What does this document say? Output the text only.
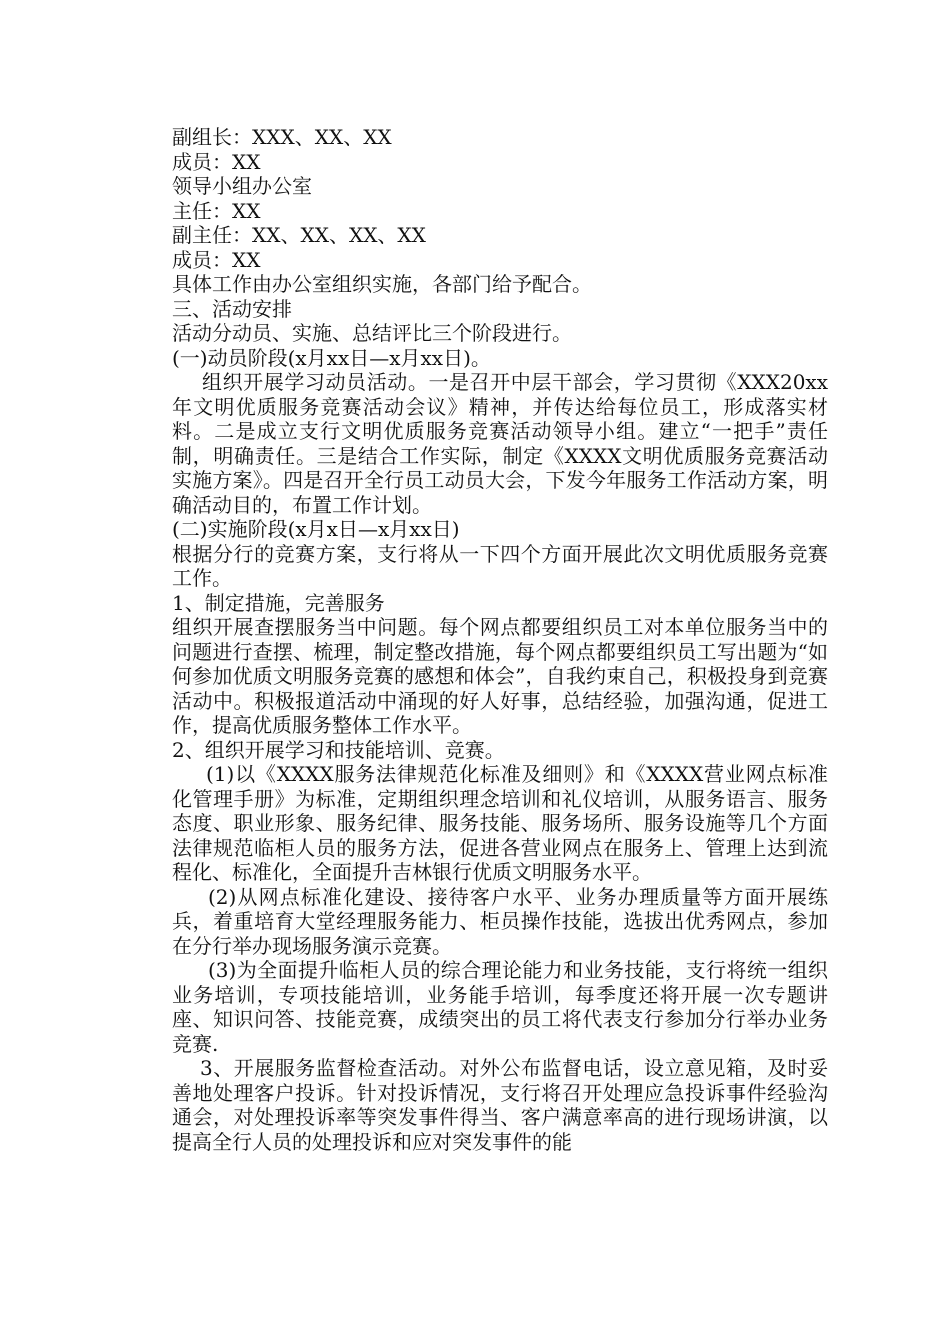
副组长：XXX、XX、XX

成员：XX

领导小组办公室

主任：XX

副主任：XX、XX、XX、XX

成员：XX

具体工作由办公室组织实施，各部门给予配合。

三、活动安排

活动分动员、实施、总结评比三个阶段进行。

(一)动员阶段(x月xx日—x月xx日)。

组织开展学习动员活动。一是召开中层干部会，学习贯彻《XXX20xx年文明优质服务竞赛活动会议》精神，并传达给每位员工，形成落实材料。二是成立支行文明优质服务竞赛活动领导小组。建立“一把手”责任制，明确责任。三是结合工作实际，制定《XXXX文明优质服务竞赛活动实施方案》。四是召开全行员工动员大会，下发今年服务工作活动方案，明确活动目的，布置工作计划。

(二)实施阶段(x月x日—x月xx日)

根据分行的竞赛方案，支行将从一下四个方面开展此次文明优质服务竞赛工作。

1、制定措施，完善服务

组织开展查摆服务当中问题。每个网点都要组织员工对本单位服务当中的问题进行查摆、梳理，制定整改措施，每个网点都要组织员工写出题为“如何参加优质文明服务竞赛的感想和体会”，自我约束自己，积极投身到竞赛活动中。积极报道活动中涌现的好人好事，总结经验，加强沟通，促进工作，提高优质服务整体工作水平。

2、组织开展学习和技能培训、竞赛。

(1)以《XXXX服务法律规范化标准及细则》和《XXXX营业网点标准化管理手册》为标准，定期组织理念培训和礼仪培训，从服务语言、服务态度、职业形象、服务纪律、服务技能、服务场所、服务设施等几个方面法律规范临柜人员的服务方法，促进各营业网点在服务上、管理上达到流程化、标准化，全面提升吉林银行优质文明服务水平。

(2)从网点标准化建设、接待客户水平、业务办理质量等方面开展练兵，着重培育大堂经理服务能力、柜员操作技能，选拔出优秀网点，参加在分行举办现场服务演示竞赛。

(3)为全面提升临柜人员的综合理论能力和业务技能，支行将统一组织业务培训，专项技能培训，业务能手培训，每季度还将开展一次专题讲座、知识问答、技能竞赛，成绩突出的员工将代表支行参加分行举办业务竞赛.

3、开展服务监督检查活动。对外公布监督电话，设立意见箱，及时妥善地处理客户投诉。针对投诉情况，支行将召开处理应急投诉事件经验沟通会，对处理投诉率等突发事件得当、客户满意率高的进行现场讲演，以提高全行人员的处理投诉和应对突发事件的能
